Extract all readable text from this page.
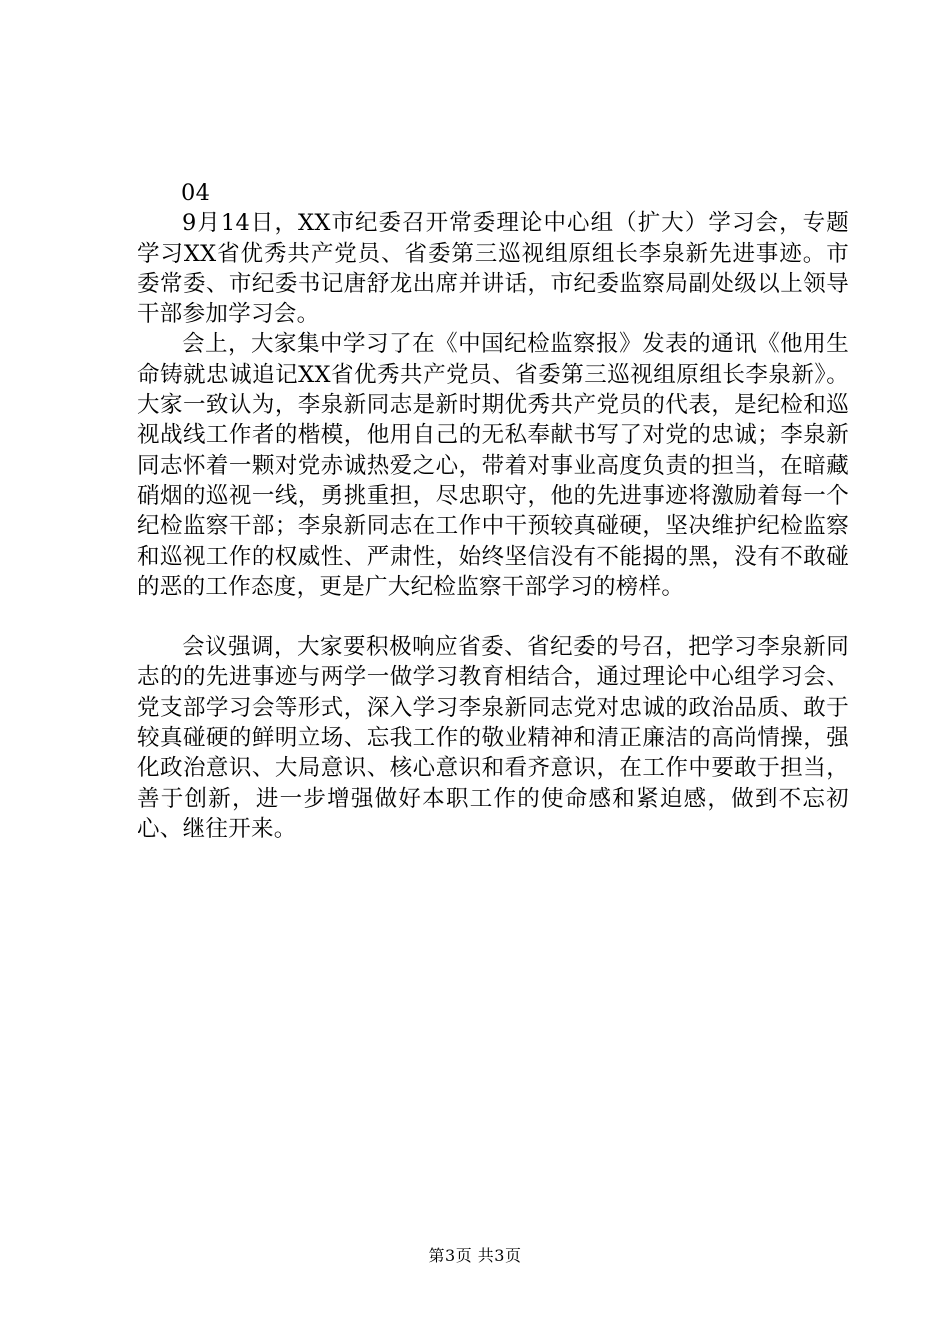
04

9月14日，XX市纪委召开常委理论中心组（扩大）学习会，专题学习XX省优秀共产党员、省委第三巡视组原组长李泉新先进事迹。市委常委、市纪委书记唐舒龙出席并讲话，市纪委监察局副处级以上领导干部参加学习会。

会上，大家集中学习了在《中国纪检监察报》发表的通讯《他用生命铸就忠诚追记XX省优秀共产党员、省委第三巡视组原组长李泉新》。大家一致认为，李泉新同志是新时期优秀共产党员的代表，是纪检和巡视战线工作者的楷模，他用自己的无私奉献书写了对党的忠诚；李泉新同志怀着一颗对党赤诚热爱之心，带着对事业高度负责的担当，在暗藏硝烟的巡视一线，勇挑重担，尽忠职守，他的先进事迹将激励着每一个纪检监察干部；李泉新同志在工作中干预较真碰硬，坚决维护纪检监察和巡视工作的权威性、严肃性，始终坚信没有不能揭的黑，没有不敢碰的恶的工作态度，更是广大纪检监察干部学习的榜样。

会议强调，大家要积极响应省委、省纪委的号召，把学习李泉新同志的的先进事迹与两学一做学习教育相结合，通过理论中心组学习会、党支部学习会等形式，深入学习李泉新同志党对忠诚的政治品质、敢于较真碰硬的鲜明立场、忘我工作的敬业精神和清正廉洁的高尚情操，强化政治意识、大局意识、核心意识和看齐意识，在工作中要敢于担当，善于创新，进一步增强做好本职工作的使命感和紧迫感，做到不忘初心、继往开来。

第3页 共3页
